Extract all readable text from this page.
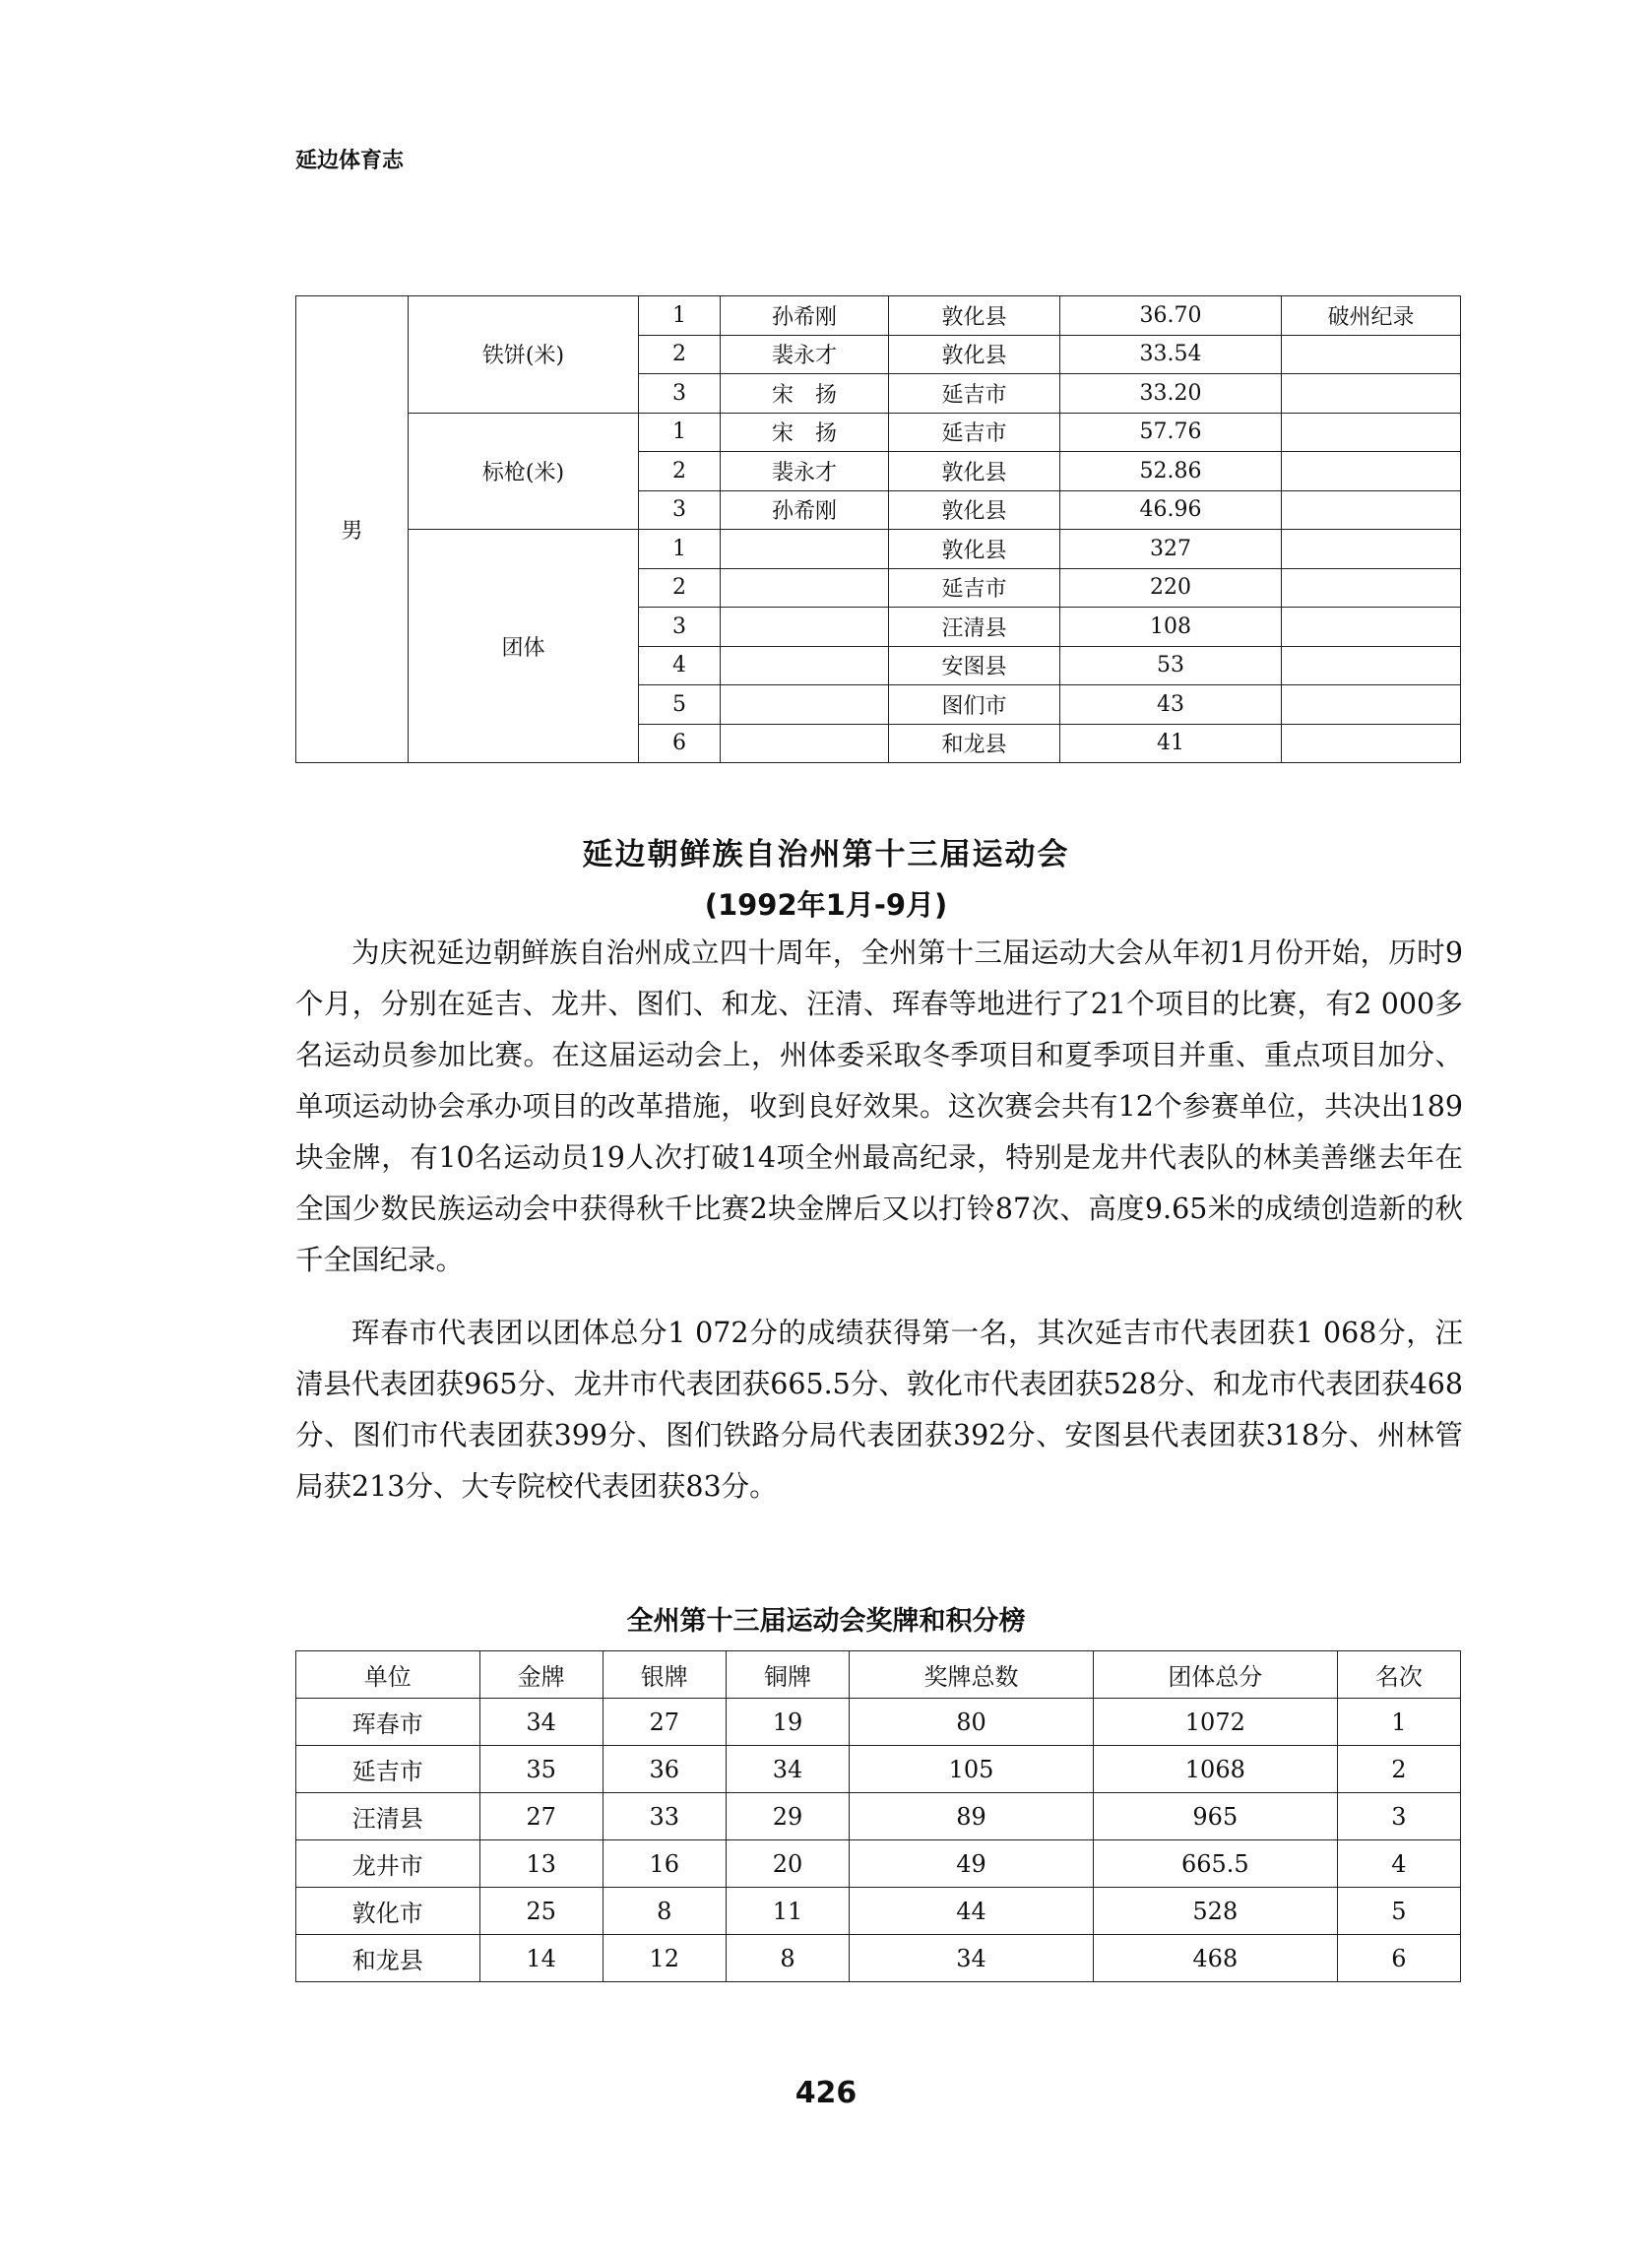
延边体育志
男	铁饼(米)	1	孙希刚	敦化县	36.70	破州纪录
		2	裴永才	敦化县	33.54	
		3	宋　扬	延吉市	33.20	
	标枪(米)	1	宋　扬	延吉市	57.76	
		2	裴永才	敦化县	52.86	
		3	孙希刚	敦化县	46.96	
	团体	1		敦化县	327	
		2		延吉市	220	
		3		汪清县	108	
		4		安图县	53	
		5		图们市	43	
		6		和龙县	41	
延边朝鲜族自治州第十三届运动会
(1992年1月-9月)

为庆祝延边朝鲜族自治州成立四十周年，全州第十三届运动大会从年初1月份开始，历时9个月，分别在延吉、龙井、图们、和龙、汪清、珲春等地进行了21个项目的比赛，有2 000多名运动员参加比赛。在这届运动会上，州体委采取冬季项目和夏季项目并重、重点项目加分、单项运动协会承办项目的改革措施，收到良好效果。这次赛会共有12个参赛单位，共决出189块金牌，有10名运动员19人次打破14项全州最高纪录，特别是龙井代表队的林美善继去年在全国少数民族运动会中获得秋千比赛2块金牌后又以打铃87次、高度9.65米的成绩创造新的秋千全国纪录。

珲春市代表团以团体总分1 072分的成绩获得第一名，其次延吉市代表团获1 068分，汪清县代表团获965分、龙井市代表团获665.5分、敦化市代表团获528分、和龙市代表团获468分、图们市代表团获399分、图们铁路分局代表团获392分、安图县代表团获318分、州林管局获213分、大专院校代表团获83分。

全州第十三届运动会奖牌和积分榜
单位	金牌	银牌	铜牌	奖牌总数	团体总分	名次
珲春市	34	27	19	80	1072	1
延吉市	35	36	34	105	1068	2
汪清县	27	33	29	89	965	3
龙井市	13	16	20	49	665.5	4
敦化市	25	8	11	44	528	5
和龙县	14	12	8	34	468	6
426
